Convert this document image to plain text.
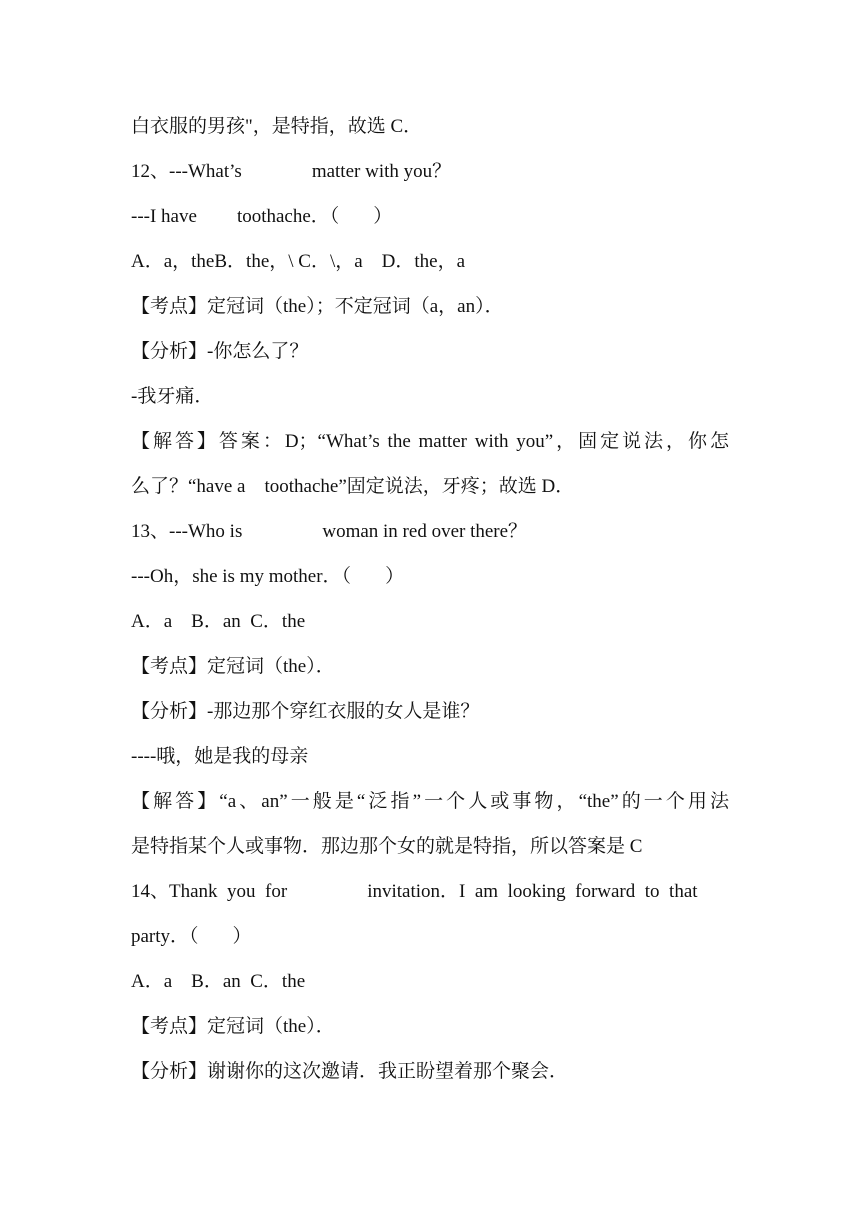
白衣服的男孩"，是特指，故选 C．
12、---What’s	matter with you？
---I have toothache．（ ）
A．a，theB．the，\ C．\，a    D．the，a
【考点】定冠词（the）；不定冠词（a，an）．
【分析】-你怎么了？
-我牙痛．
【解答】答案：D；“What’s the matter with you”，固定说法，你怎
么了？“have a    toothache”固定说法，牙疼；故选 D．
13、---Who is	woman in red over there？
---Oh，she is my mother．（ ）
A．a    B．an  C．the
【考点】定冠词（the）．
【分析】-那边那个穿红衣服的女人是谁？
----哦，她是我的母亲
【解答】“a、an”一般是“泛指”一个人或事物，“the”的一个用法
是特指某个人或事物．那边那个女的就是特指，所以答案是 C
14、Thank  you  for	invitation．I  am  looking  forward  to  that
party．（ ）
A．a    B．an  C．the
【考点】定冠词（the）．
【分析】谢谢你的这次邀请．我正盼望着那个聚会．
